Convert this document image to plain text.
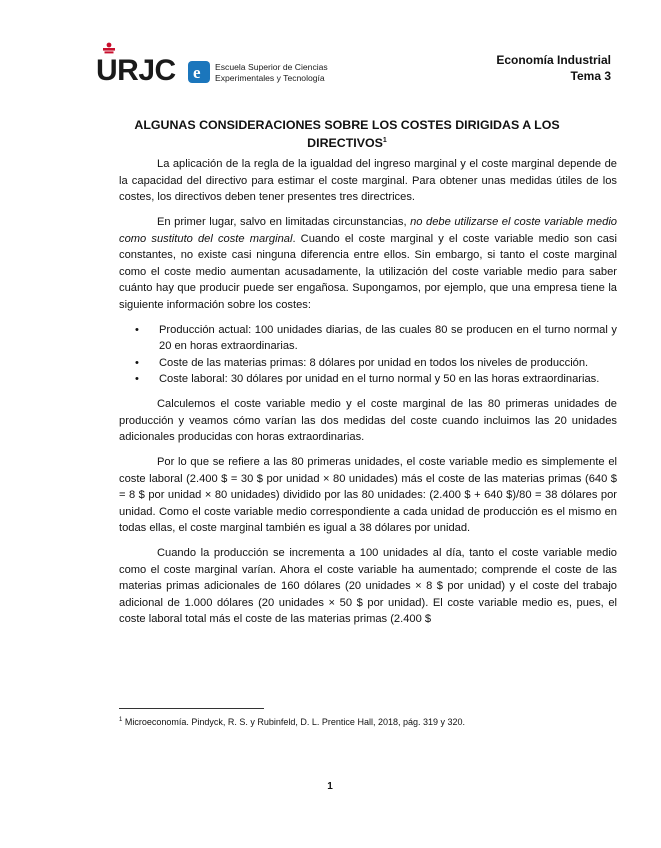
URJC e Escuela Superior de Ciencias
Experimentales y Tecnología
Economía Industrial
Tema 3
ALGUNAS CONSIDERACIONES SOBRE LOS COSTES DIRIGIDAS A LOS
DIRECTIVOS$^1$

La aplicación de la regla de la igualdad del ingreso marginal y el coste marginal depende de la capacidad del directivo para estimar el coste marginal. Para obtener unas medidas útiles de los costes, los directivos deben tener presentes tres directrices.

En primer lugar, salvo en limitadas circunstancias, no debe utilizarse el coste variable medio como sustituto del coste marginal. Cuando el coste marginal y el coste variable medio son casi constantes, no existe casi ninguna diferencia entre ellos. Sin embargo, si tanto el coste marginal como el coste medio aumentan acusadamente, la utilización del coste variable medio para saber cuánto hay que producir puede ser engañosa. Supongamos, por ejemplo, que una empresa tiene la siguiente información sobre los costes:

• Producción actual: 100 unidades diarias, de las cuales 80 se producen en el turno normal y 20 en horas extraordinarias.
• Coste de las materias primas: 8 dólares por unidad en todos los niveles de producción.
• Coste laboral: 30 dólares por unidad en el turno normal y 50 en las horas extraordinarias.

Calculemos el coste variable medio y el coste marginal de las 80 primeras unidades de producción y veamos cómo varían las dos medidas del coste cuando incluimos las 20 unidades adicionales producidas con horas extraordinarias.

Por lo que se refiere a las 80 primeras unidades, el coste variable medio es simplemente el coste laboral (2.400 $ = 30 $ por unidad × 80 unidades) más el coste de las materias primas (640 $ = 8 $ por unidad × 80 unidades) dividido por las 80 unidades: (2.400 $ + 640 $)/80 = 38 dólares por unidad. Como el coste variable medio correspondiente a cada unidad de producción es el mismo en todas ellas, el coste marginal también es igual a 38 dólares por unidad.

Cuando la producción se incrementa a 100 unidades al día, tanto el coste variable medio como el coste marginal varían. Ahora el coste variable ha aumentado; comprende el coste de las materias primas adicionales de 160 dólares (20 unidades × 8 $ por unidad) y el coste del trabajo adicional de 1.000 dólares (20 unidades × 50 $ por unidad). El coste variable medio es, pues, el coste laboral total más el coste de las materias primas (2.400 $

$^1$ Microeconomía. Pindyck, R. S. y Rubinfeld, D. L. Prentice Hall, 2018, pág. 319 y 320.
1
